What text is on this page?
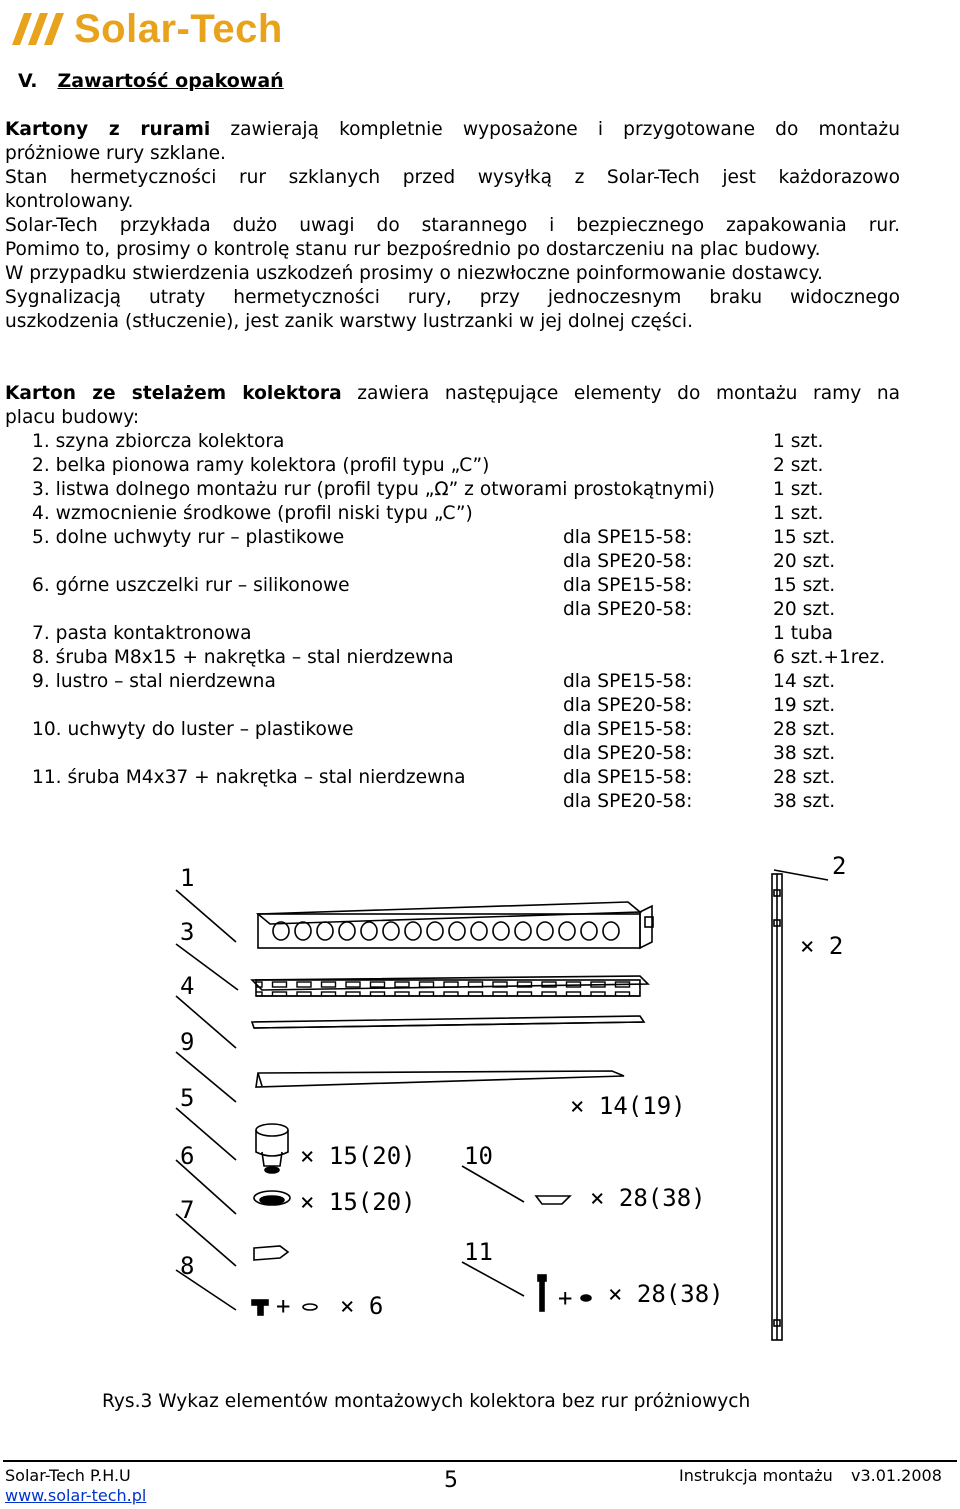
Solar-Tech
V. Zawartość opakowań

Kartony z rurami zawierają kompletnie wyposażone i przygotowane do montażu

próżniowe rury szklane.

Stan hermetyczności rur szklanych przed wysyłką z Solar-Tech jest każdorazowo

kontrolowany.

Solar-Tech przykłada dużo uwagi do starannego i bezpiecznego zapakowania rur.

Pomimo to, prosimy o kontrolę stanu rur bezpośrednio po dostarczeniu na plac budowy.

W przypadku stwierdzenia uszkodzeń prosimy o niezwłoczne poinformowanie dostawcy.

Sygnalizacją utraty hermetyczności rury, przy jednoczesnym braku widocznego

uszkodzenia (stłuczenie), jest zanik warstwy lustrzanki w jej dolnej części.

Karton ze stelażem kolektora zawiera następujące elementy do montażu ramy na

placu budowy:

1. szyna zbiorcza kolektora	1 szt.
2. belka pionowa ramy kolektora (profil typu „C”)	2 szt.
3. listwa dolnego montażu rur (profil typu „Ω” z otworami prostokątnymi)	1 szt.
4. wzmocnienie środkowe (profil niski typu „C”)	1 szt.
5. dolne uchwyty rur – plastikowe	dla SPE15-58:	15 szt.
dla SPE20-58:	20 szt.
6. górne uszczelki rur – silikonowe	dla SPE15-58:	15 szt.
dla SPE20-58:	20 szt.
7. pasta kontaktronowa	1 tuba
8. śruba M8x15 + nakrętka – stal nierdzewna	6 szt.+1rez.
9. lustro – stal nierdzewna	dla SPE15-58:	14 szt.
dla SPE20-58:	19 szt.
10. uchwyty do luster – plastikowe	dla SPE15-58:	28 szt.
dla SPE20-58:	38 szt.
11. śruba M4x37 + nakrętka – stal nierdzewna	dla SPE15-58:	28 szt.
dla SPE20-58:	38 szt.
1	2
3
4
9
5
6
7
8
10
11
× 2
× 14(19)
× 15(20)
× 15(20)	× 28(38)
+ × 6	+ × 28(38)
Rys.3 Wykaz elementów montażowych kolektora bez rur próżniowych
Solar-Tech P.H.U
www.solar-tech.pl
5	Instrukcja montażu v3.01.2008
